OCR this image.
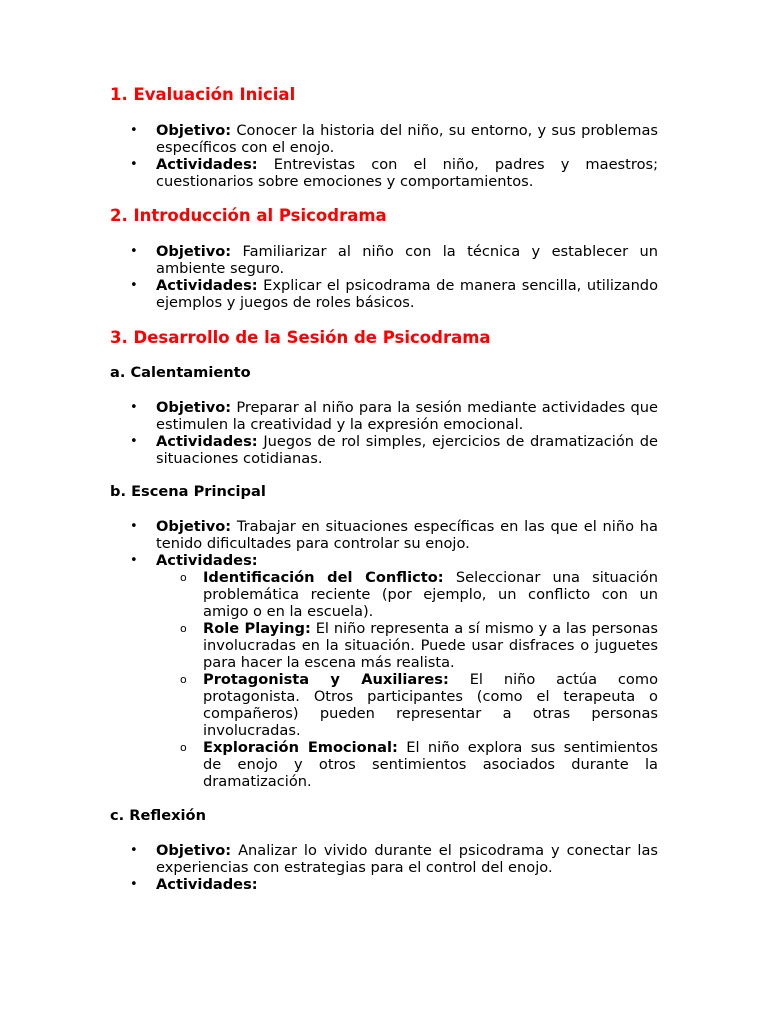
1. Evaluación Inicial
• Objetivo: Conocer la historia del niño, su entorno, y sus problemas específicos con el enojo.
• Actividades: Entrevistas con el niño, padres y maestros; cuestionarios sobre emociones y comportamientos.
2. Introducción al Psicodrama
• Objetivo: Familiarizar al niño con la técnica y establecer un ambiente seguro.
• Actividades: Explicar el psicodrama de manera sencilla, utilizando ejemplos y juegos de roles básicos.
3. Desarrollo de la Sesión de Psicodrama
a. Calentamiento
• Objetivo: Preparar al niño para la sesión mediante actividades que estimulen la creatividad y la expresión emocional.
• Actividades: Juegos de rol simples, ejercicios de dramatización de situaciones cotidianas.
b. Escena Principal
• Objetivo: Trabajar en situaciones específicas en las que el niño ha tenido dificultades para controlar su enojo.
• Actividades:
o Identificación del Conflicto: Seleccionar una situación problemática reciente (por ejemplo, un conflicto con un amigo o en la escuela).
o Role Playing: El niño representa a sí mismo y a las personas involucradas en la situación. Puede usar disfraces o juguetes para hacer la escena más realista.
o Protagonista y Auxiliares: El niño actúa como protagonista. Otros participantes (como el terapeuta o compañeros) pueden representar a otras personas involucradas.
o Exploración Emocional: El niño explora sus sentimientos de enojo y otros sentimientos asociados durante la dramatización.
c. Reflexión
• Objetivo: Analizar lo vivido durante el psicodrama y conectar las experiencias con estrategias para el control del enojo.
• Actividades:
